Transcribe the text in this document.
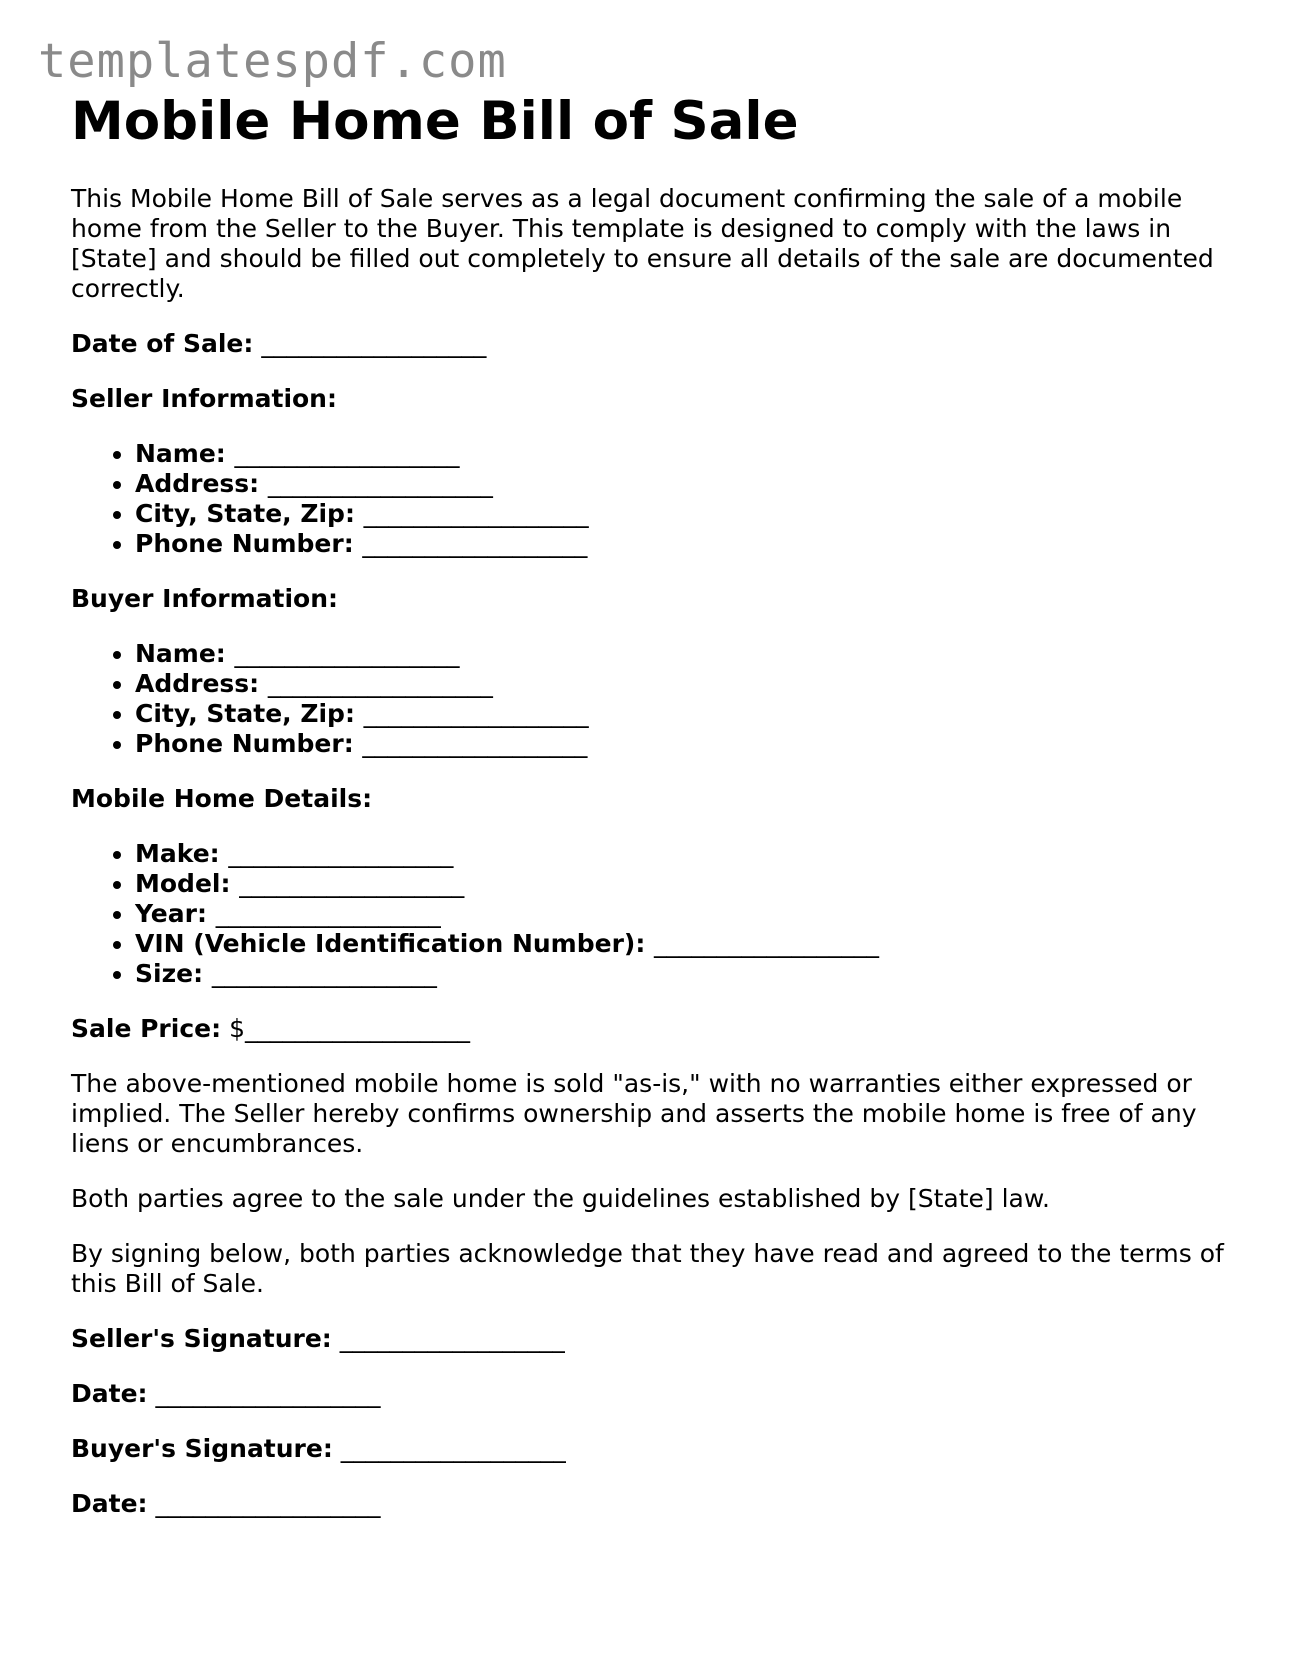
templatespdf.com
Mobile Home Bill of Sale

This Mobile Home Bill of Sale serves as a legal document confirming the sale of a mobile home from the Seller to the Buyer. This template is designed to comply with the laws in [State] and should be filled out completely to ensure all details of the sale are documented correctly.

Date of Sale: __________________

Seller Information:

• Name: __________________
• Address: __________________
• City, State, Zip: __________________
• Phone Number: __________________

Buyer Information:

• Name: __________________
• Address: __________________
• City, State, Zip: __________________
• Phone Number: __________________

Mobile Home Details:

• Make: __________________
• Model: __________________
• Year: __________________
• VIN (Vehicle Identification Number): __________________
• Size: __________________

Sale Price: $__________________

The above-mentioned mobile home is sold "as-is," with no warranties either expressed or implied. The Seller hereby confirms ownership and asserts the mobile home is free of any liens or encumbrances.

Both parties agree to the sale under the guidelines established by [State] law.

By signing below, both parties acknowledge that they have read and agreed to the terms of this Bill of Sale.

Seller's Signature: __________________

Date: __________________

Buyer's Signature: __________________

Date: __________________
